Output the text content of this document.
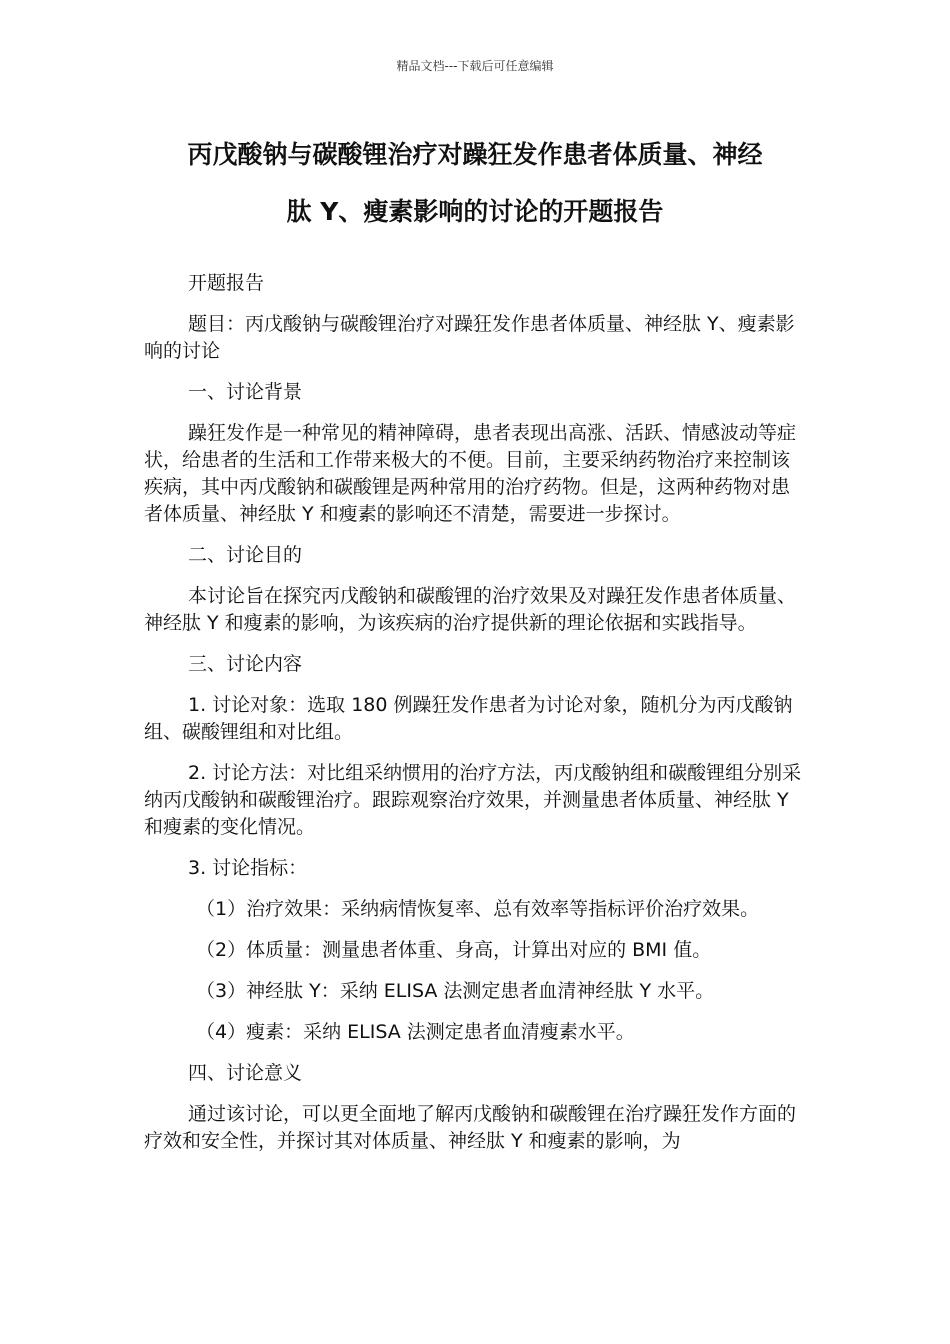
精品文档---下载后可任意编辑
丙戊酸钠与碳酸锂治疗对躁狂发作患者体质量、神经
肽 Y、瘦素影响的讨论的开题报告

开题报告

题目：丙戊酸钠与碳酸锂治疗对躁狂发作患者体质量、神经肽 Y、瘦素影响的讨论

一、讨论背景

躁狂发作是一种常见的精神障碍，患者表现出高涨、活跃、情感波动等症状，给患者的生活和工作带来极大的不便。目前，主要采纳药物治疗来控制该疾病，其中丙戊酸钠和碳酸锂是两种常用的治疗药物。但是，这两种药物对患者体质量、神经肽 Y 和瘦素的影响还不清楚，需要进一步探讨。

二、讨论目的

本讨论旨在探究丙戊酸钠和碳酸锂的治疗效果及对躁狂发作患者体质量、神经肽 Y 和瘦素的影响，为该疾病的治疗提供新的理论依据和实践指导。

三、讨论内容

1. 讨论对象：选取 180 例躁狂发作患者为讨论对象，随机分为丙戊酸钠组、碳酸锂组和对比组。

2. 讨论方法：对比组采纳惯用的治疗方法，丙戊酸钠组和碳酸锂组分别采纳丙戊酸钠和碳酸锂治疗。跟踪观察治疗效果，并测量患者体质量、神经肽 Y 和瘦素的变化情况。

3. 讨论指标：

（1）治疗效果：采纳病情恢复率、总有效率等指标评价治疗效果。

（2）体质量：测量患者体重、身高，计算出对应的 BMI 值。

（3）神经肽 Y：采纳 ELISA 法测定患者血清神经肽 Y 水平。

（4）瘦素：采纳 ELISA 法测定患者血清瘦素水平。

四、讨论意义

通过该讨论，可以更全面地了解丙戊酸钠和碳酸锂在治疗躁狂发作方面的疗效和安全性，并探讨其对体质量、神经肽 Y 和瘦素的影响，为
